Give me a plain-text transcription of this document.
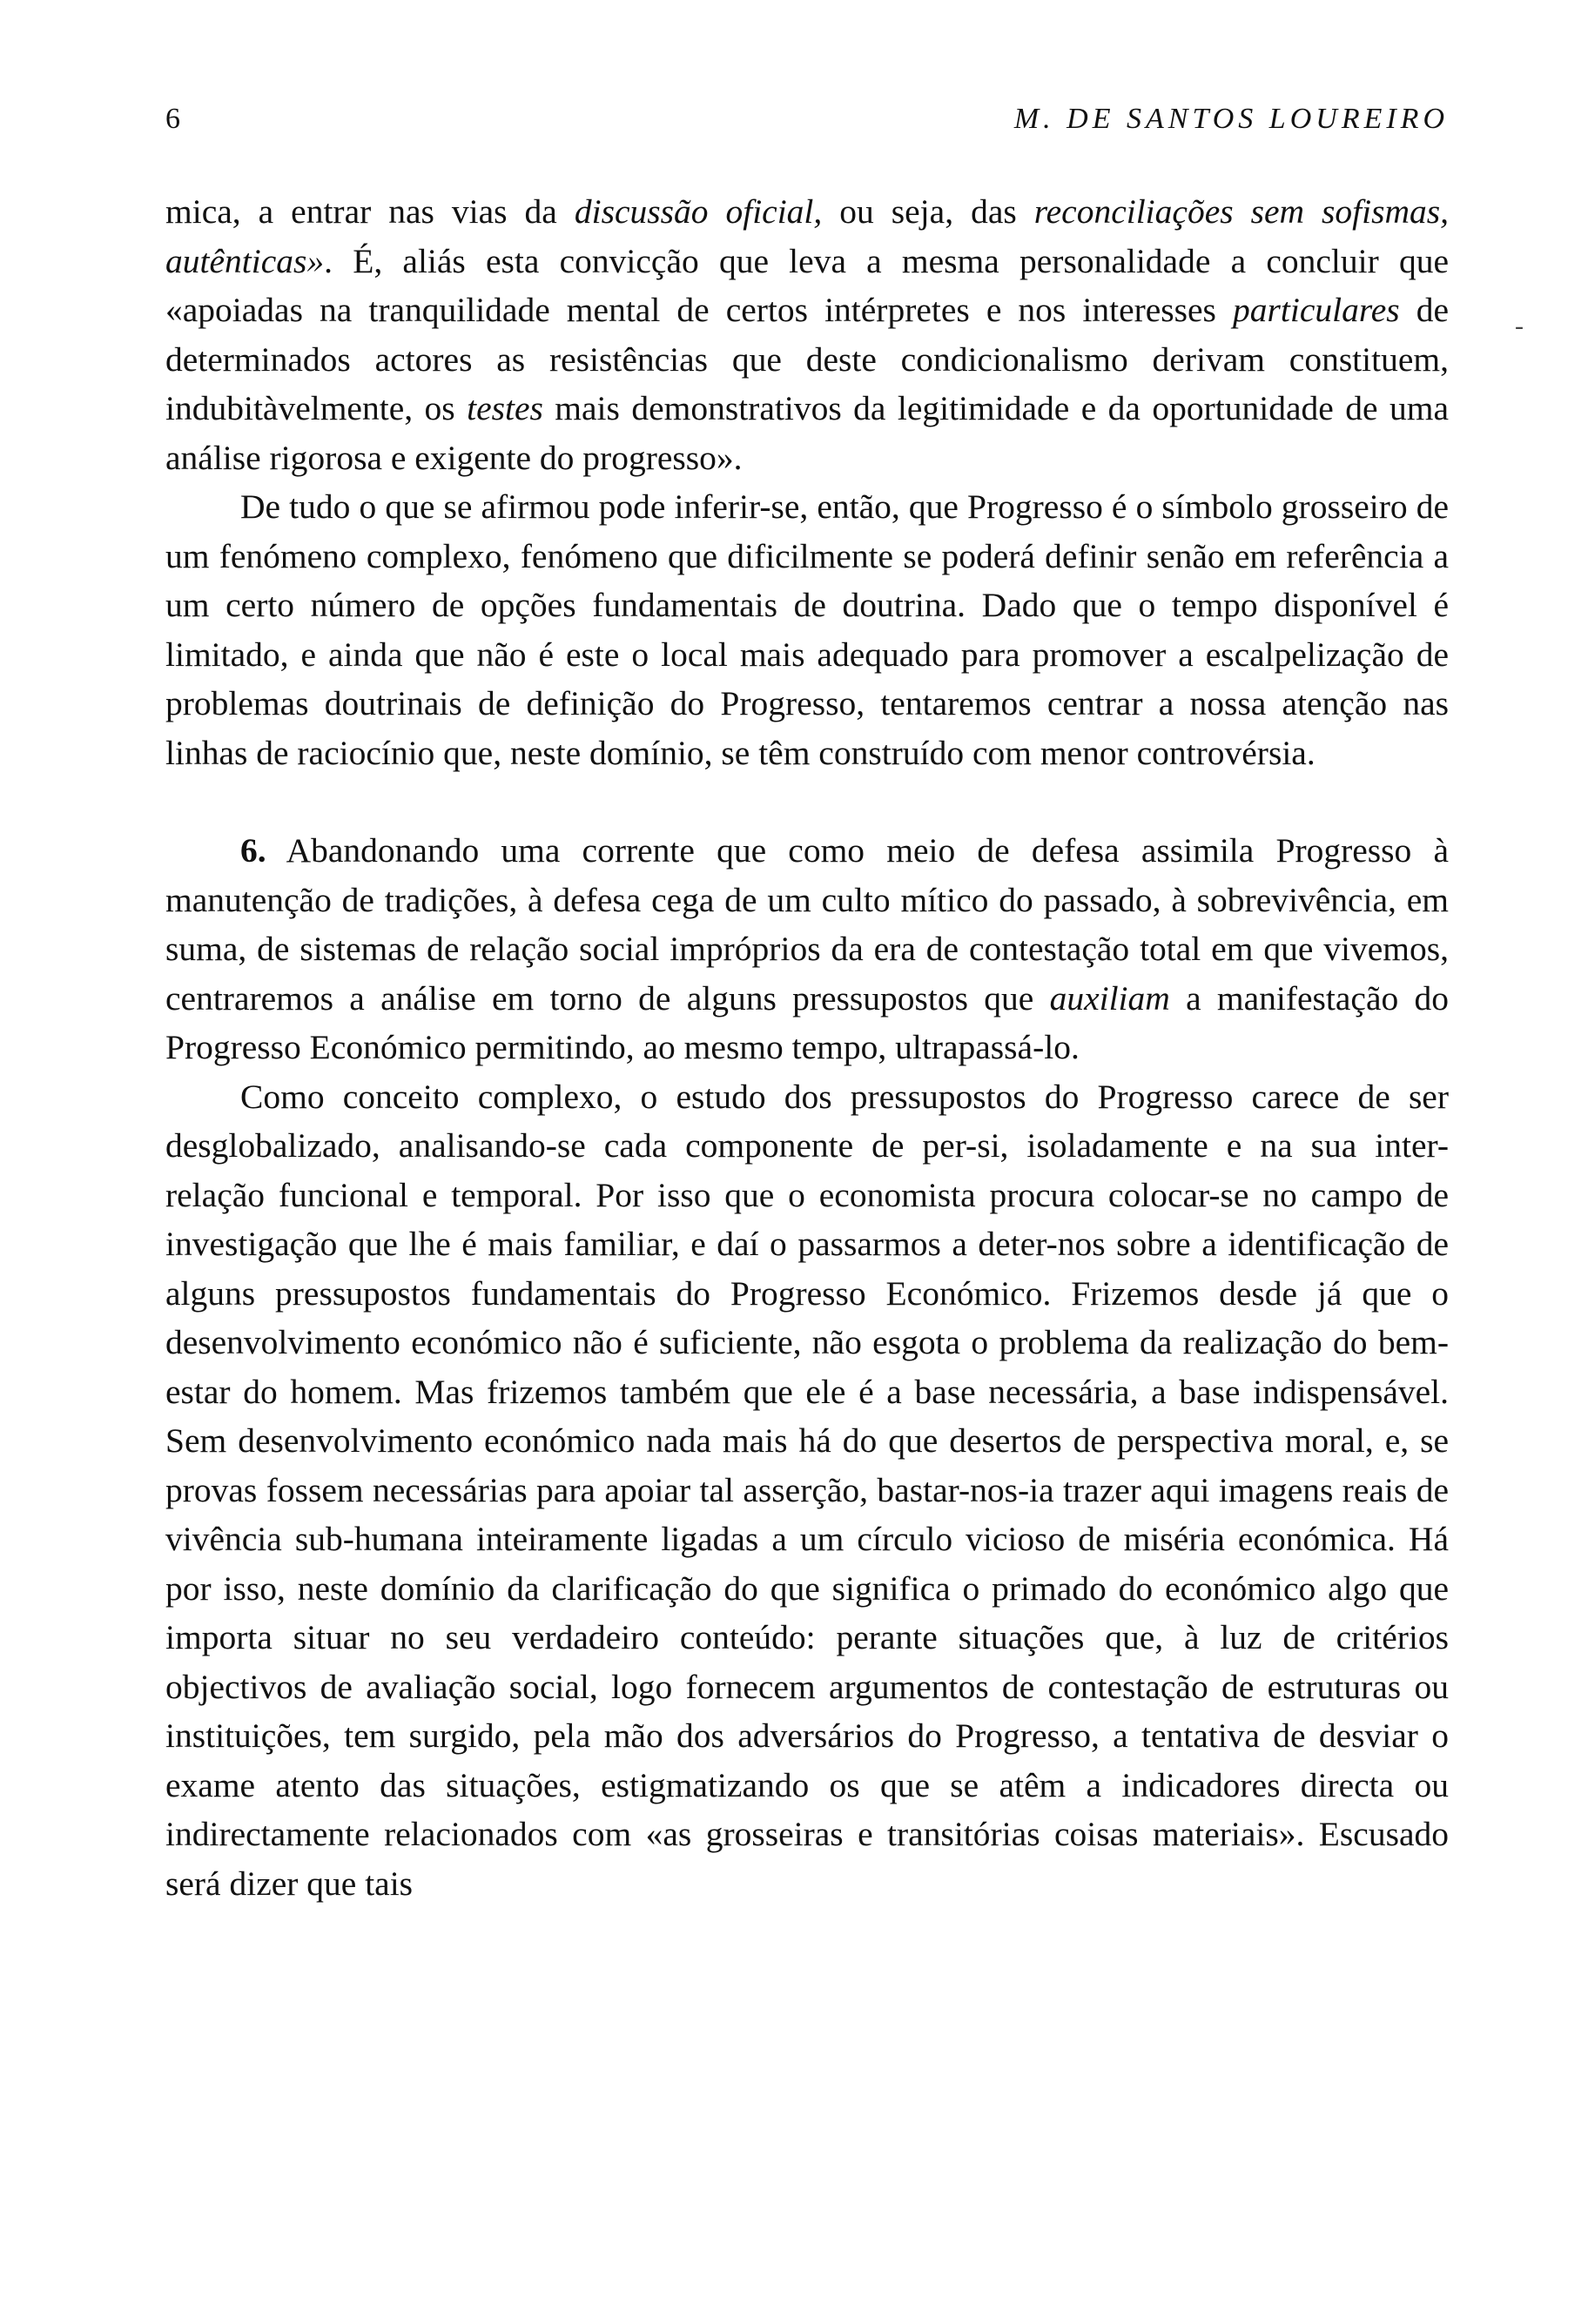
6	M. DE SANTOS LOUREIRO
-

mica, a entrar nas vias da discussão oficial, ou seja, das reconciliações sem sofismas, autênticas». É, aliás esta convicção que leva a mesma personalidade a concluir que «apoiadas na tranquilidade mental de certos intérpretes e nos interesses particulares de determinados actores as resistências que deste condicionalismo derivam constituem, indubitàvelmente, os testes mais demonstrativos da legitimidade e da oportunidade de uma análise rigorosa e exigente do progresso».

De tudo o que se afirmou pode inferir-se, então, que Progresso é o símbolo grosseiro de um fenómeno complexo, fenómeno que dificilmente se poderá definir senão em referência a um certo número de opções fundamentais de doutrina. Dado que o tempo disponível é limitado, e ainda que não é este o local mais adequado para promover a escalpelização de problemas doutrinais de definição do Progresso, tentaremos centrar a nossa atenção nas linhas de raciocínio que, neste domínio, se têm construído com menor controvérsia.

6. Abandonando uma corrente que como meio de defesa assimila Progresso à manutenção de tradições, à defesa cega de um culto mítico do passado, à sobrevivência, em suma, de sistemas de relação social impróprios da era de contestação total em que vivemos, centraremos a análise em torno de alguns pressupostos que auxiliam a manifestação do Progresso Económico permitindo, ao mesmo tempo, ultrapassá-lo.

Como conceito complexo, o estudo dos pressupostos do Progresso carece de ser desglobalizado, analisando-se cada componente de per-si, isoladamente e na sua inter-relação funcional e temporal. Por isso que o economista procura colocar-se no campo de investigação que lhe é mais familiar, e daí o passarmos a deter-nos sobre a identificação de alguns pressupostos fundamentais do Progresso Económico. Frizemos desde já que o desenvolvimento económico não é suficiente, não esgota o problema da realização do bem-estar do homem. Mas frizemos também que ele é a base necessária, a base indispensável. Sem desenvolvimento económico nada mais há do que desertos de perspectiva moral, e, se provas fossem necessárias para apoiar tal asserção, bastar-nos-ia trazer aqui imagens reais de vivência sub-humana inteiramente ligadas a um círculo vicioso de miséria económica. Há por isso, neste domínio da clarificação do que significa o primado do económico algo que importa situar no seu verdadeiro conteúdo: perante situações que, à luz de critérios objectivos de avaliação social, logo fornecem argumentos de contestação de estruturas ou instituições, tem surgido, pela mão dos adversários do Progresso, a tentativa de desviar o exame atento das situações, estigmatizando os que se atêm a indicadores directa ou indirectamente relacionados com «as grosseiras e transitórias coisas materiais». Escusado será dizer que tais
